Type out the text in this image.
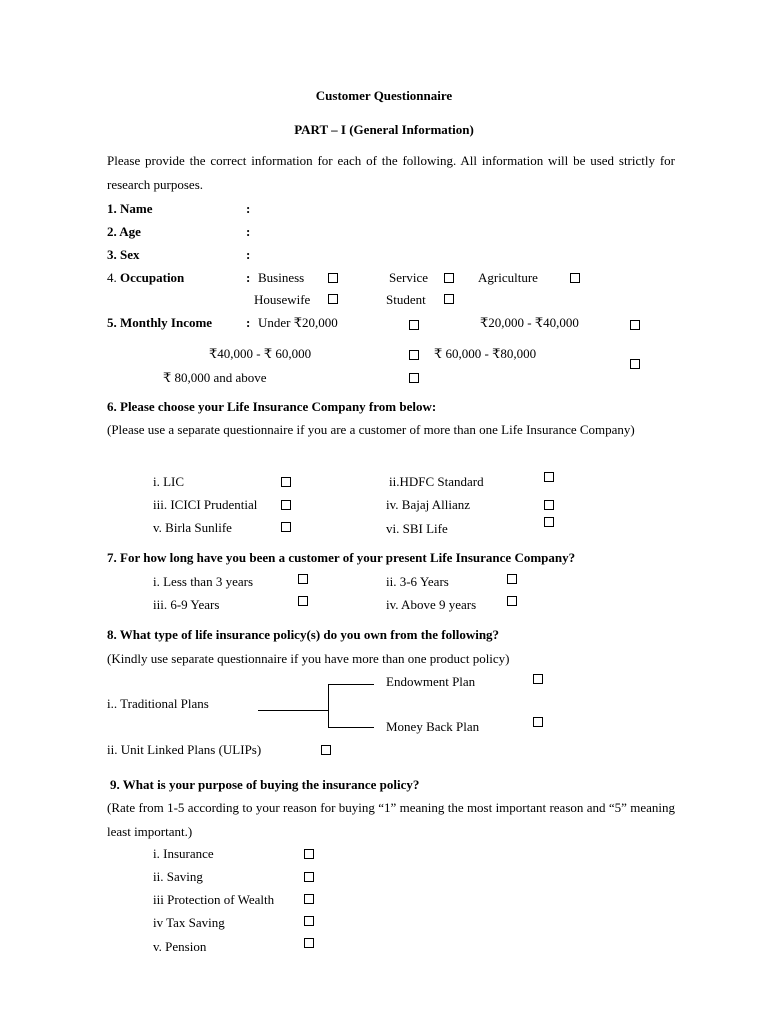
Customer Questionnaire
PART – I (General Information)
Please provide the correct information for each of the following. All information will be used strictly for research purposes.
1. Name	:
2. Age	:
3. Sex	:
4. Occupation	: Business	Service	Agriculture
Housewife	Student
5. Monthly Income	: Under ₹20,000	₹20,000 - ₹40,000
₹40,000 - ₹ 60,000	₹ 60,000 - ₹80,000
₹ 80,000 and above
6. Please choose your Life Insurance Company from below:
(Please use a separate questionnaire if you are a customer of more than one Life Insurance Company)
i. LIC	ii.HDFC Standard
iii. ICICI Prudential	iv. Bajaj Allianz
v. Birla Sunlife	vi. SBI Life
7. For how long have you been a customer of your present Life Insurance Company?
i. Less than 3 years	ii. 3-6 Years
iii. 6-9 Years	iv. Above 9 years
8. What type of life insurance policy(s) do you own from the following?
(Kindly use separate questionnaire if you have more than one product policy)
Endowment Plan
i.. Traditional Plans
Money Back Plan
ii. Unit Linked Plans (ULIPs)
9. What is your purpose of buying the insurance policy?
(Rate from 1-5 according to your reason for buying “1” meaning the most important reason and “5” meaning least important.)
i. Insurance
ii. Saving
iii Protection of Wealth
iv Tax Saving
v. Pension
